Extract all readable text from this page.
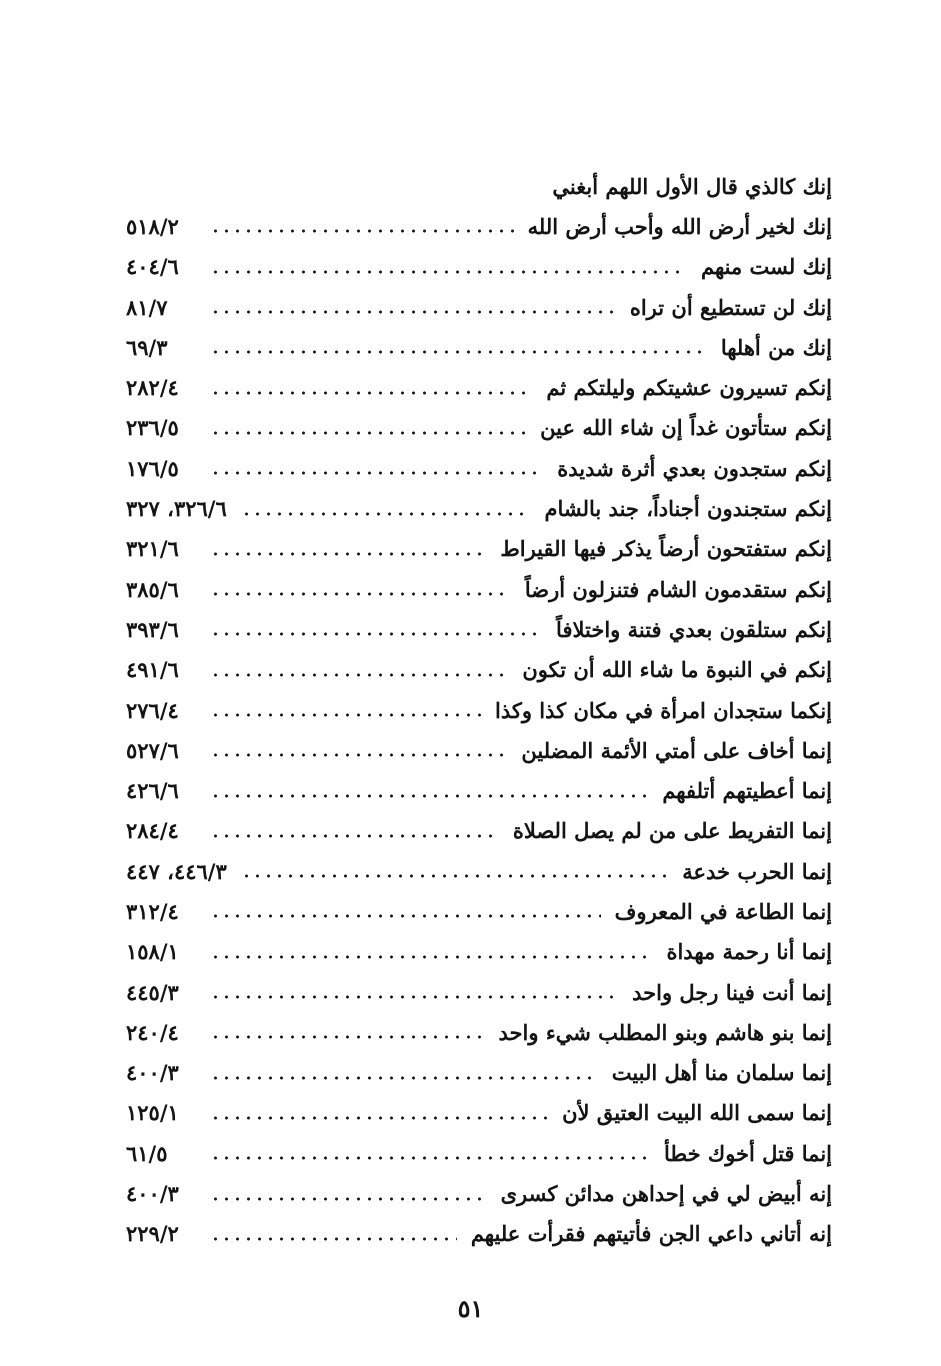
إنك كالذي قال الأول اللهم أبغني
إنك لخير أرض الله وأحب أرض الله
٥١٨/٢
إنك لست منهم
٤٠٤/٦
إنك لن تستطيع أن تراه
٨١/٧
إنك من أهلها
٦٩/٣
إنكم تسيرون عشيتكم وليلتكم ثم
٢٨٢/٤
إنكم ستأتون غداً إن شاء الله عين
٢٣٦/٥
إنكم ستجدون بعدي أثرة شديدة
١٧٦/٥
إنكم ستجندون أجناداً، جند بالشام
٣٢٦/٦، ٣٢٧
إنكم ستفتحون أرضاً يذكر فيها القيراط
٣٢١/٦
إنكم ستقدمون الشام فتنزلون أرضاً
٣٨٥/٦
إنكم ستلقون بعدي فتنة واختلافاً
٣٩٣/٦
إنكم في النبوة ما شاء الله أن تكون
٤٩١/٦
إنكما ستجدان امرأة في مكان كذا وكذا
٢٧٦/٤
إنما أخاف على أمتي الأئمة المضلين
٥٢٧/٦
إنما أعطيتهم أتلفهم
٤٢٦/٦
إنما التفريط على من لم يصل الصلاة
٢٨٤/٤
إنما الحرب خدعة
٤٤٦/٣، ٤٤٧
إنما الطاعة في المعروف
٣١٢/٤
إنما أنا رحمة مهداة
١٥٨/١
إنما أنت فينا رجل واحد
٤٤٥/٣
إنما بنو هاشم وبنو المطلب شيء واحد
٢٤٠/٤
إنما سلمان منا أهل البيت
٤٠٠/٣
إنما سمى الله البيت العتيق لأن
١٢٥/١
إنما قتل أخوك خطأ
٦١/٥
إنه أبيض لي في إحداهن مدائن كسرى
٤٠٠/٣
إنه أتاني داعي الجن فأتيتهم فقرأت عليهم
٢٢٩/٢
٥١
